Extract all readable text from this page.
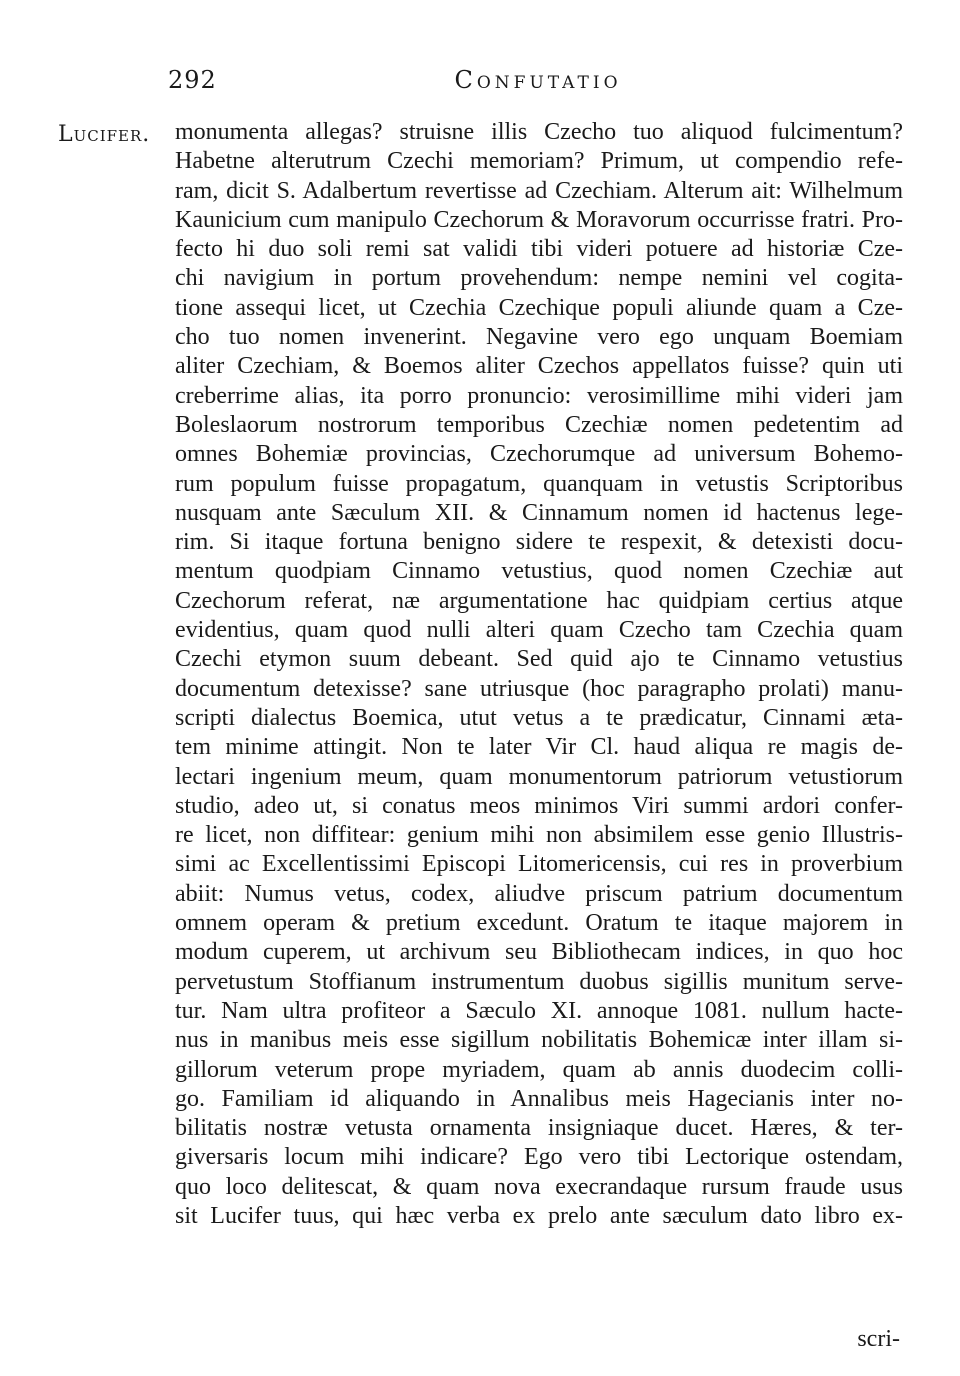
292	Confutatio
Lucifer. monumenta allegas? struisne illis Czecho tuo aliquod fulcimentum?
Habetne alterutrum Czechi memoriam? Primum, ut compendio refe-
ram, dicit S. Adalbertum revertisse ad Czechiam. Alterum ait: Wilhelmum
Kaunicium cum manipulo Czechorum & Moravorum occurrisse fratri. Pro-
fecto hi duo soli remi sat validi tibi videri potuere ad historiæ Cze-
chi navigium in portum provehendum: nempe nemini vel cogita-
tione assequi licet, ut Czechia Czechique populi aliunde quam a Cze-
cho tuo nomen invenerint. Negavine vero ego unquam Boemiam
aliter Czechiam, & Boemos aliter Czechos appellatos fuisse? quin uti
creberrime alias, ita porro pronuncio: verosimillime mihi videri jam
Boleslaorum nostrorum temporibus Czechiæ nomen pedetentim ad
omnes Bohemiæ provincias, Czechorumque ad universum Bohemo-
rum populum fuisse propagatum, quanquam in vetustis Scriptoribus
nusquam ante Sæculum XII. & Cinnamum nomen id hactenus lege-
rim. Si itaque fortuna benigno sidere te respexit, & detexisti docu-
mentum quodpiam Cinnamo vetustius, quod nomen Czechiæ aut
Czechorum referat, næ argumentatione hac quidpiam certius atque
evidentius, quam quod nulli alteri quam Czecho tam Czechia quam
Czechi etymon suum debeant. Sed quid ajo te Cinnamo vetustius
documentum detexisse? sane utriusque (hoc paragrapho prolati) manu-
scripti dialectus Boemica, utut vetus a te prædicatur, Cinnami æta-
tem minime attingit. Non te later Vir Cl. haud aliqua re magis de-
lectari ingenium meum, quam monumentorum patriorum vetustiorum
studio, adeo ut, si conatus meos minimos Viri summi ardori confer-
re licet, non diffitear: genium mihi non absimilem esse genio Illustris-
simi ac Excellentissimi Episcopi Litomericensis, cui res in proverbium
abiit: Numus vetus, codex, aliudve priscum patrium documentum
omnem operam & pretium excedunt. Oratum te itaque majorem in
modum cuperem, ut archivum seu Bibliothecam indices, in quo hoc
pervetustum Stoffianum instrumentum duobus sigillis munitum serve-
tur. Nam ultra profiteor a Sæculo XI. annoque 1081. nullum hacte-
nus in manibus meis esse sigillum nobilitatis Bohemicæ inter illam si-
gillorum veterum prope myriadem, quam ab annis duodecim colli-
go. Familiam id aliquando in Annalibus meis Hagecianis inter no-
bilitatis nostræ vetusta ornamenta insigniaque ducet. Hæres, & ter-
giversaris locum mihi indicare? Ego vero tibi Lectorique ostendam,
quo loco delitescat, & quam nova execrandaque rursum fraude usus
sit Lucifer tuus, qui hæc verba ex prelo ante sæculum dato libro ex-
scri-
